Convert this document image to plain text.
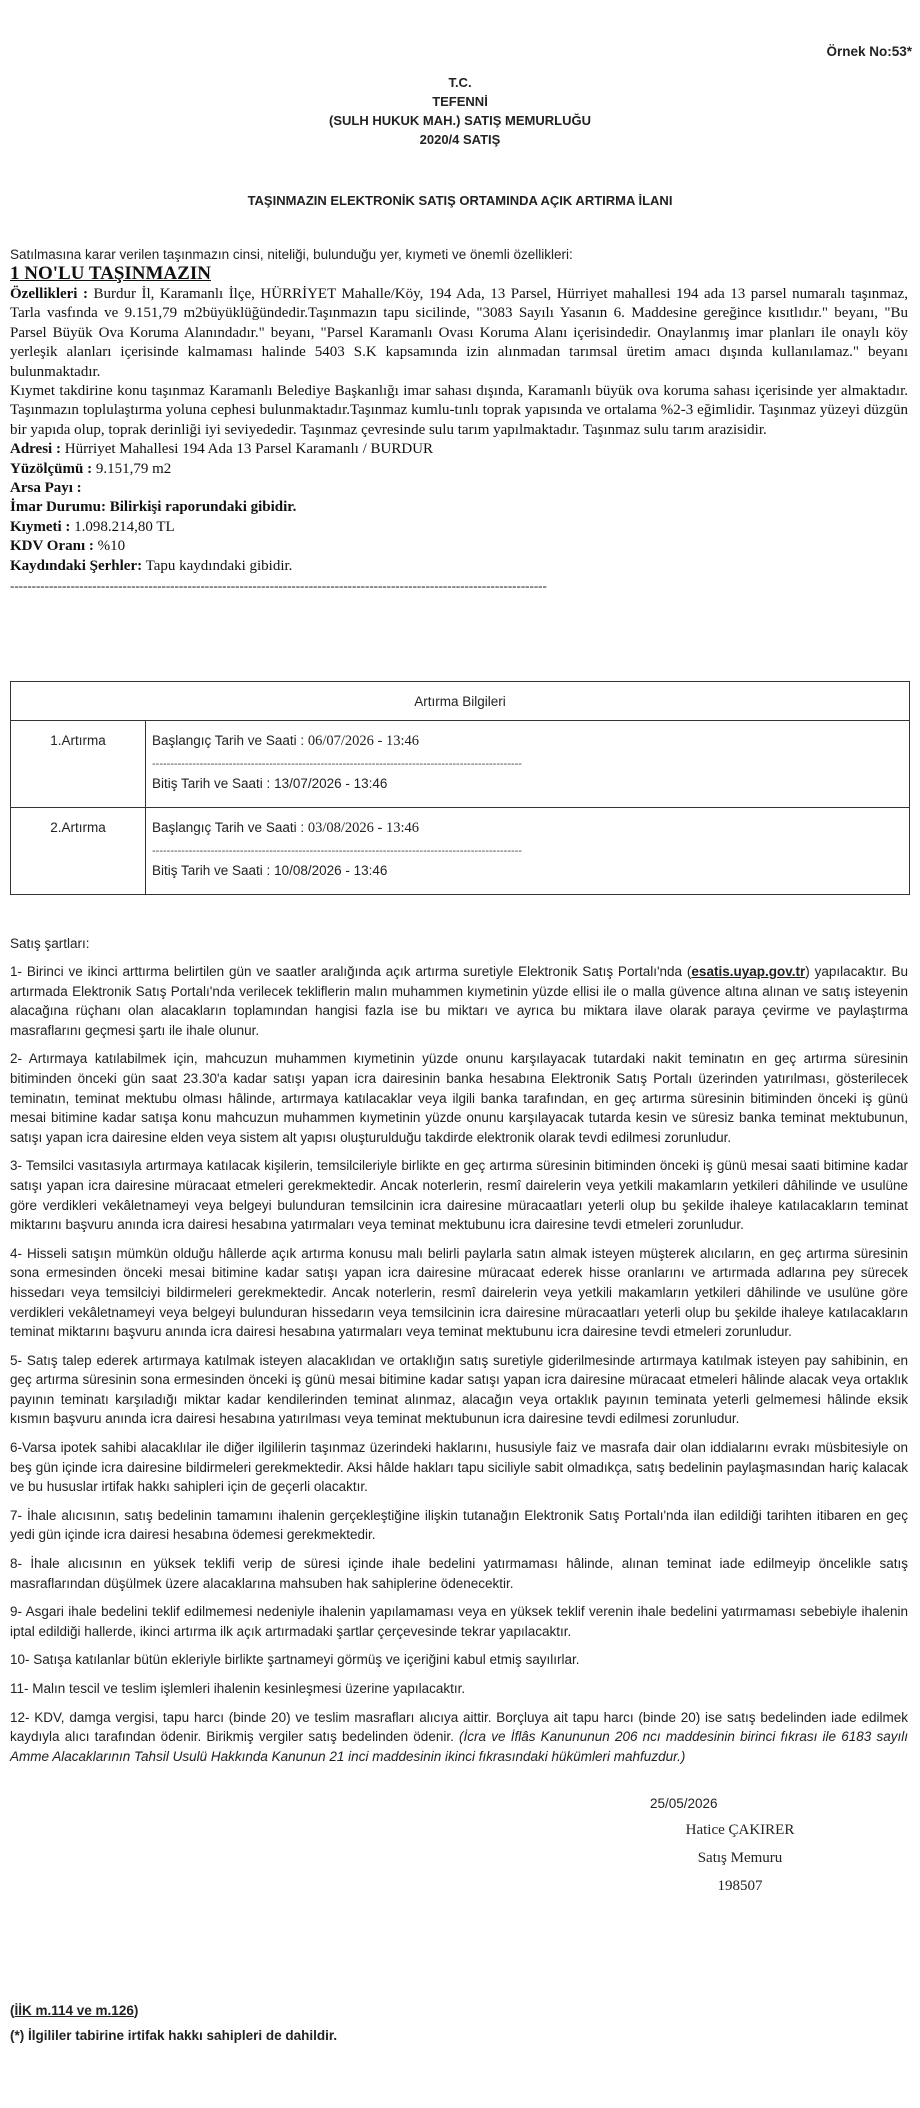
Örnek No:53*
T.C.
TEFENNİ
(SULH HUKUK MAH.) SATIŞ MEMURLUĞU
2020/4 SATIŞ
TAŞINMAZIN ELEKTRONİK SATIŞ ORTAMINDA AÇIK ARTIRMA İLANI
Satılmasına karar verilen taşınmazın cinsi, niteliği, bulunduğu yer, kıymeti ve önemli özellikleri:
1 NO'LU TAŞINMAZIN

Özellikleri : Burdur İl, Karamanlı İlçe, HÜRRİYET Mahalle/Köy, 194 Ada, 13 Parsel, Hürriyet mahallesi 194 ada 13 parsel numaralı taşınmaz, Tarla vasfında ve 9.151,79 m2büyüklüğündedir.Taşınmazın tapu sicilinde, "3083 Sayılı Yasanın 6. Maddesine gereğince kısıtlıdır." beyanı, "Bu Parsel Büyük Ova Koruma Alanındadır." beyanı, "Parsel Karamanlı Ovası Koruma Alanı içerisindedir. Onaylanmış imar planları ile onaylı köy yerleşik alanları içerisinde kalmaması halinde 5403 S.K kapsamında izin alınmadan tarımsal üretim amacı dışında kullanılamaz." beyanı bulunmaktadır.

Kıymet takdirine konu taşınmaz Karamanlı Belediye Başkanlığı imar sahası dışında, Karamanlı büyük ova koruma sahası içerisinde yer almaktadır. Taşınmazın toplulaştırma yoluna cephesi bulunmaktadır.Taşınmaz kumlu-tınlı toprak yapısında ve ortalama %2-3 eğimlidir. Taşınmaz yüzeyi düzgün bir yapıda olup, toprak derinliği iyi seviyededir. Taşınmaz çevresinde sulu tarım yapılmaktadır. Taşınmaz sulu tarım arazisidir.

Adresi : Hürriyet Mahallesi 194 Ada 13 Parsel Karamanlı / BURDUR
Yüzölçümü : 9.151,79 m2
Arsa Payı :
İmar Durumu: Bilirkişi raporundaki gibidir.
Kıymeti : 1.098.214,80 TL
KDV Oranı : %10
Kaydındaki Şerhler: Tapu kaydındaki gibidir.
----------------------------------------------------------------------------------------------------------------------------
Artırma Bilgileri	
1.Artırma	Başlangıç Tarih ve Saati : 06/07/2026 - 13:46
-----------------------------------------------------------------------------------------------------
Bitiş Tarih ve Saati : 13/07/2026 - 13:46

2.Artırma	Başlangıç Tarih ve Saati : 03/08/2026 - 13:46
-----------------------------------------------------------------------------------------------------
Bitiş Tarih ve Saati : 10/08/2026 - 13:46
Satış şartları:

1- Birinci ve ikinci arttırma belirtilen gün ve saatler aralığında açık artırma suretiyle Elektronik Satış Portalı'nda (esatis.uyap.gov.tr) yapılacaktır. Bu artırmada Elektronik Satış Portalı'nda verilecek tekliflerin malın muhammen kıymetinin yüzde ellisi ile o malla güvence altına alınan ve satış isteyenin alacağına rüçhanı olan alacakların toplamından hangisi fazla ise bu miktarı ve ayrıca bu miktara ilave olarak paraya çevirme ve paylaştırma masraflarını geçmesi şartı ile ihale olunur.

2- Artırmaya katılabilmek için, mahcuzun muhammen kıymetinin yüzde onunu karşılayacak tutardaki nakit teminatın en geç artırma süresinin bitiminden önceki gün saat 23.30'a kadar satışı yapan icra dairesinin banka hesabına Elektronik Satış Portalı üzerinden yatırılması, gösterilecek teminatın, teminat mektubu olması hâlinde, artırmaya katılacaklar veya ilgili banka tarafından, en geç artırma süresinin bitiminden önceki iş günü mesai bitimine kadar satışa konu mahcuzun muhammen kıymetinin yüzde onunu karşılayacak tutarda kesin ve süresiz banka teminat mektubunun, satışı yapan icra dairesine elden veya sistem alt yapısı oluşturulduğu takdirde elektronik olarak tevdi edilmesi zorunludur.

3- Temsilci vasıtasıyla artırmaya katılacak kişilerin, temsilcileriyle birlikte en geç artırma süresinin bitiminden önceki iş günü mesai saati bitimine kadar satışı yapan icra dairesine müracaat etmeleri gerekmektedir. Ancak noterlerin, resmî dairelerin veya yetkili makamların yetkileri dâhilinde ve usulüne göre verdikleri vekâletnameyi veya belgeyi bulunduran temsilcinin icra dairesine müracaatları yeterli olup bu şekilde ihaleye katılacakların teminat miktarını başvuru anında icra dairesi hesabına yatırmaları veya teminat mektubunu icra dairesine tevdi etmeleri zorunludur.

4- Hisseli satışın mümkün olduğu hâllerde açık artırma konusu malı belirli paylarla satın almak isteyen müşterek alıcıların, en geç artırma süresinin sona ermesinden önceki mesai bitimine kadar satışı yapan icra dairesine müracaat ederek hisse oranlarını ve artırmada adlarına pey sürecek hissedarı veya temsilciyi bildirmeleri gerekmektedir. Ancak noterlerin, resmî dairelerin veya yetkili makamların yetkileri dâhilinde ve usulüne göre verdikleri vekâletnameyi veya belgeyi bulunduran hissedarın veya temsilcinin icra dairesine müracaatları yeterli olup bu şekilde ihaleye katılacakların teminat miktarını başvuru anında icra dairesi hesabına yatırmaları veya teminat mektubunu icra dairesine tevdi etmeleri zorunludur.

5- Satış talep ederek artırmaya katılmak isteyen alacaklıdan ve ortaklığın satış suretiyle giderilmesinde artırmaya katılmak isteyen pay sahibinin, en geç artırma süresinin sona ermesinden önceki iş günü mesai bitimine kadar satışı yapan icra dairesine müracaat etmeleri hâlinde alacak veya ortaklık payının teminatı karşıladığı miktar kadar kendilerinden teminat alınmaz, alacağın veya ortaklık payının teminata yeterli gelmemesi hâlinde eksik kısmın başvuru anında icra dairesi hesabına yatırılması veya teminat mektubunun icra dairesine tevdi edilmesi zorunludur.

6-Varsa ipotek sahibi alacaklılar ile diğer ilgililerin taşınmaz üzerindeki haklarını, hususiyle faiz ve masrafa dair olan iddialarını evrakı müsbitesiyle on beş gün içinde icra dairesine bildirmeleri gerekmektedir. Aksi hâlde hakları tapu siciliyle sabit olmadıkça, satış bedelinin paylaşmasından hariç kalacak ve bu hususlar irtifak hakkı sahipleri için de geçerli olacaktır.

7- İhale alıcısının, satış bedelinin tamamını ihalenin gerçekleştiğine ilişkin tutanağın Elektronik Satış Portalı'nda ilan edildiği tarihten itibaren en geç yedi gün içinde icra dairesi hesabına ödemesi gerekmektedir.

8- İhale alıcısının en yüksek teklifi verip de süresi içinde ihale bedelini yatırmaması hâlinde, alınan teminat iade edilmeyip öncelikle satış masraflarından düşülmek üzere alacaklarına mahsuben hak sahiplerine ödenecektir.

9- Asgari ihale bedelini teklif edilmemesi nedeniyle ihalenin yapılamaması veya en yüksek teklif verenin ihale bedelini yatırmaması sebebiyle ihalenin iptal edildiği hallerde, ikinci artırma ilk açık artırmadaki şartlar çerçevesinde tekrar yapılacaktır.

10- Satışa katılanlar bütün ekleriyle birlikte şartnameyi görmüş ve içeriğini kabul etmiş sayılırlar.

11- Malın tescil ve teslim işlemleri ihalenin kesinleşmesi üzerine yapılacaktır.

12- KDV, damga vergisi, tapu harcı (binde 20) ve teslim masrafları alıcıya aittir. Borçluya ait tapu harcı (binde 20) ise satış bedelinden iade edilmek kaydıyla alıcı tarafından ödenir. Birikmiş vergiler satış bedelinden ödenir. (İcra ve İflâs Kanununun 206 ncı maddesinin birinci fıkrası ile 6183 sayılı Amme Alacaklarının Tahsil Usulü Hakkında Kanunun 21 inci maddesinin ikinci fıkrasındaki hükümleri mahfuzdur.)

25/05/2026
Hatice ÇAKIRER
Satış Memuru
198507
(İİK m.114 ve m.126)
(*) İlgililer tabirine irtifak hakkı sahipleri de dahildir.
